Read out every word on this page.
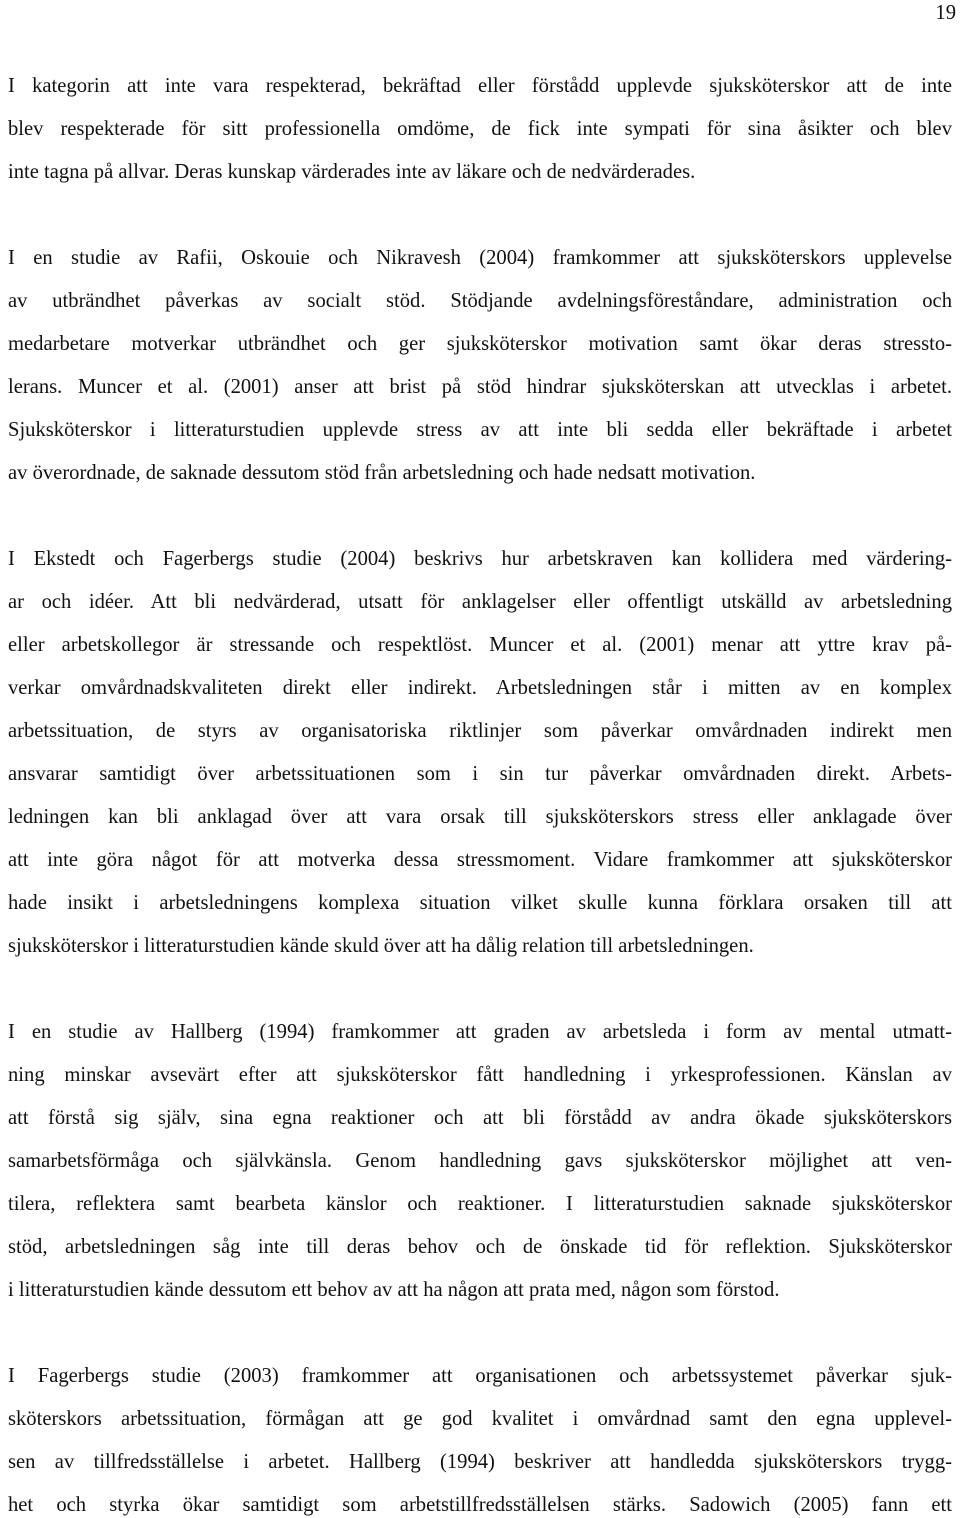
19
I kategorin att inte vara respekterad, bekräftad eller förstådd upplevde sjuksköterskor att de inte
blev respekterade för sitt professionella omdöme, de fick inte sympati för sina åsikter och blev
inte tagna på allvar. Deras kunskap värderades inte av läkare och de nedvärderades.
I en studie av Rafii, Oskouie och Nikravesh (2004) framkommer att sjuksköterskors upplevelse
av utbrändhet påverkas av socialt stöd. Stödjande avdelningsföreståndare, administration och
medarbetare motverkar utbrändhet och ger sjuksköterskor motivation samt ökar deras stressto-
lerans. Muncer et al. (2001) anser att brist på stöd hindrar sjuksköterskan att utvecklas i arbetet.
Sjuksköterskor i litteraturstudien upplevde stress av att inte bli sedda eller bekräftade i arbetet
av överordnade, de saknade dessutom stöd från arbetsledning och hade nedsatt motivation.
I Ekstedt och Fagerbergs studie (2004) beskrivs hur arbetskraven kan kollidera med värdering-
ar och idéer. Att bli nedvärderad, utsatt för anklagelser eller offentligt utskälld av arbetsledning
eller arbetskollegor är stressande och respektlöst. Muncer et al. (2001) menar att yttre krav på-
verkar omvårdnadskvaliteten direkt eller indirekt. Arbetsledningen står i mitten av en komplex
arbetssituation, de styrs av organisatoriska riktlinjer som påverkar omvårdnaden indirekt men
ansvarar samtidigt över arbetssituationen som i sin tur påverkar omvårdnaden direkt. Arbets-
ledningen kan bli anklagad över att vara orsak till sjuksköterskors stress eller anklagade över
att inte göra något för att motverka dessa stressmoment. Vidare framkommer att sjuksköterskor
hade insikt i arbetsledningens komplexa situation vilket skulle kunna förklara orsaken till att
sjuksköterskor i litteraturstudien kände skuld över att ha dålig relation till arbetsledningen.
I en studie av Hallberg (1994) framkommer att graden av arbetsleda i form av mental utmatt-
ning minskar avsevärt efter att sjuksköterskor fått handledning i yrkesprofessionen. Känslan av
att förstå sig själv, sina egna reaktioner och att bli förstådd av andra ökade sjuksköterskors
samarbetsförmåga och självkänsla. Genom handledning gavs sjuksköterskor möjlighet att ven-
tilera, reflektera samt bearbeta känslor och reaktioner. I litteraturstudien saknade sjuksköterskor
stöd, arbetsledningen såg inte till deras behov och de önskade tid för reflektion. Sjuksköterskor
i litteraturstudien kände dessutom ett behov av att ha någon att prata med, någon som förstod.
I Fagerbergs studie (2003) framkommer att organisationen och arbetssystemet påverkar sjuk-
sköterskors arbetssituation, förmågan att ge god kvalitet i omvårdnad samt den egna upplevel-
sen av tillfredsställelse i arbetet. Hallberg (1994) beskriver att handledda sjuksköterskors trygg-
het och styrka ökar samtidigt som arbetstillfredsställelsen stärks. Sadowich (2005) fann ett
